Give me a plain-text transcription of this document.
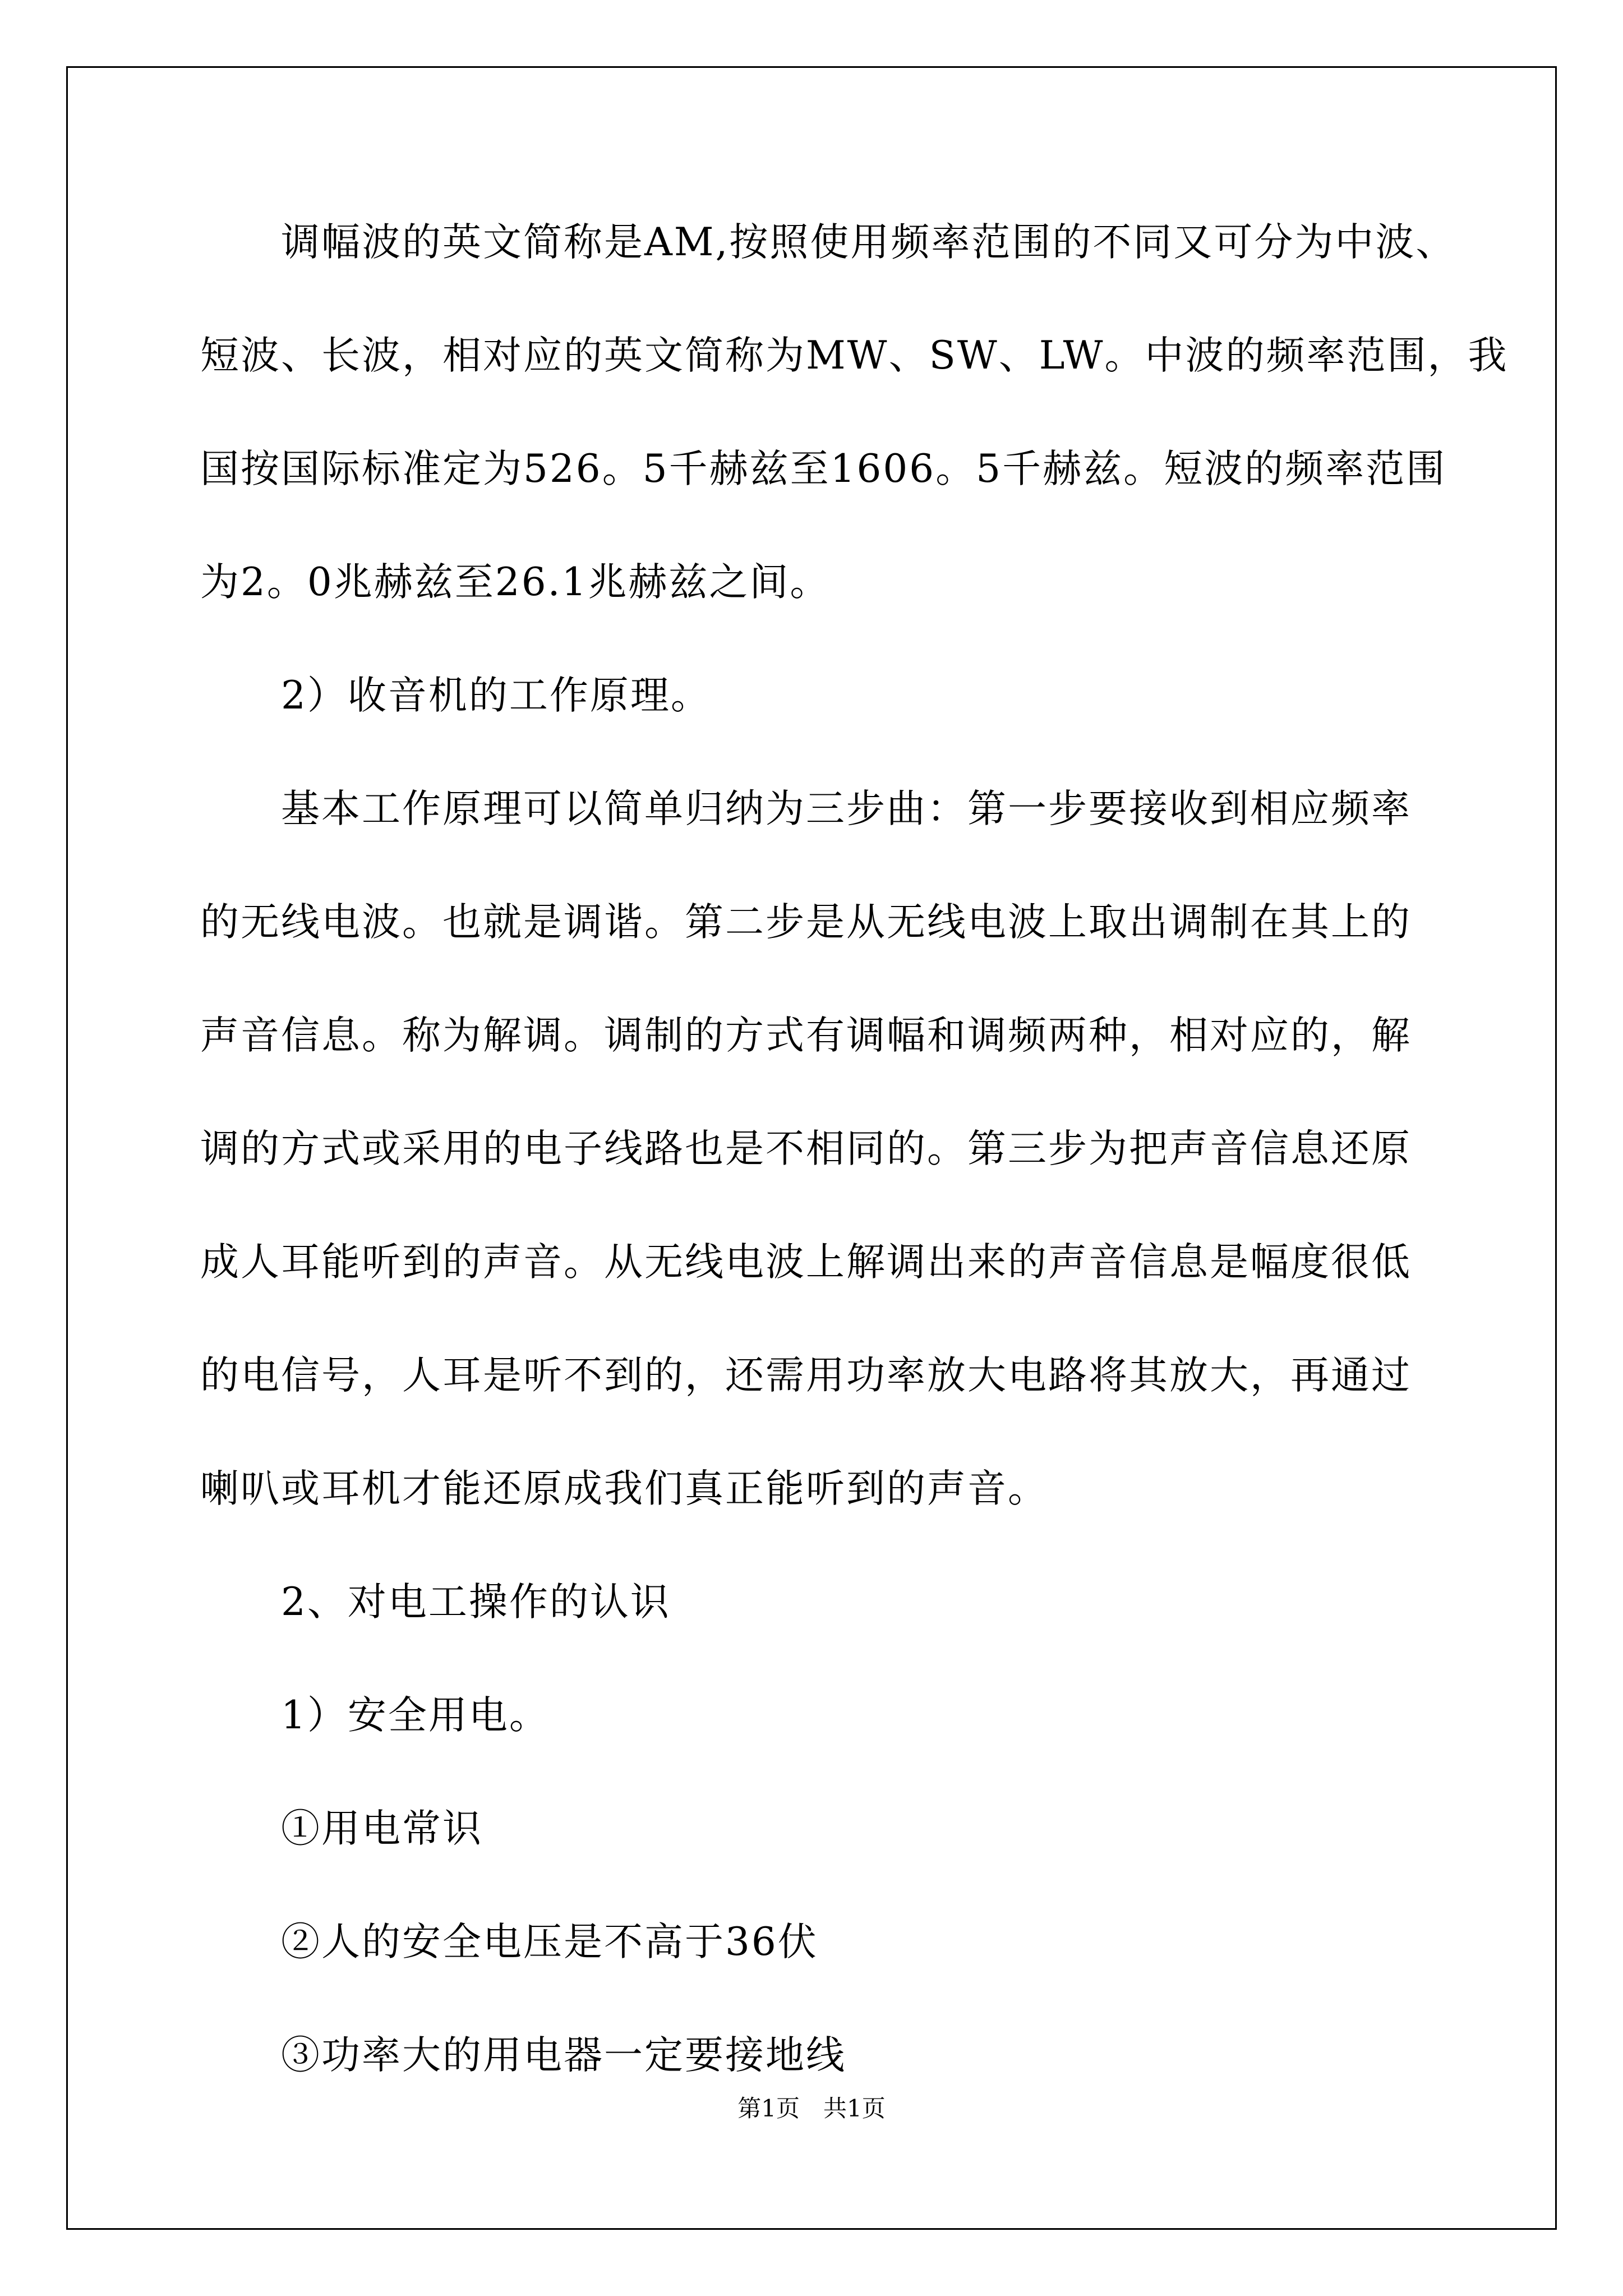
　　调幅波的英文简称是AM,按照使用频率范围的不同又可分为中波、
短波、长波，相对应的英文简称为MW、SW、LW。中波的频率范围，我
国按国际标准定为526。5千赫兹至1606。5千赫兹。短波的频率范围
为2。0兆赫兹至26.1兆赫兹之间。
　　2）收音机的工作原理。
　　基本工作原理可以简单归纳为三步曲：第一步要接收到相应频率
的无线电波。也就是调谐。第二步是从无线电波上取出调制在其上的
声音信息。称为解调。调制的方式有调幅和调频两种，相对应的，解
调的方式或采用的电子线路也是不相同的。第三步为把声音信息还原
成人耳能听到的声音。从无线电波上解调出来的声音信息是幅度很低
的电信号，人耳是听不到的，还需用功率放大电路将其放大，再通过
喇叭或耳机才能还原成我们真正能听到的声音。
　　2、对电工操作的认识
　　1）安全用电。
　　①用电常识
　　②人的安全电压是不高于36伏
　　③功率大的用电器一定要接地线
第1页　共1页
